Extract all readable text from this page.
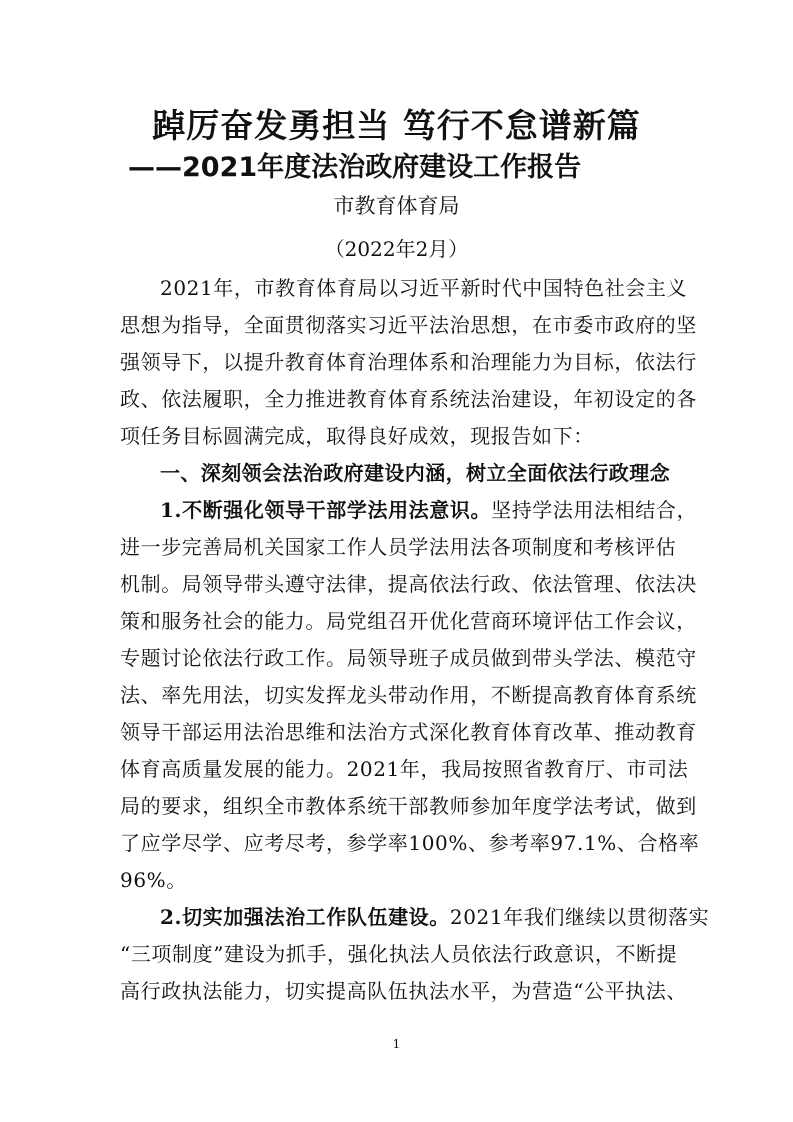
踔厉奋发勇担当 笃行不怠谱新篇
——2021年度法治政府建设工作报告
市教育体育局
（2022年2月）
2021年，市教育体育局以习近平新时代中国特色社会主义
思想为指导，全面贯彻落实习近平法治思想，在市委市政府的坚
强领导下，以提升教育体育治理体系和治理能力为目标，依法行
政、依法履职，全力推进教育体育系统法治建设，年初设定的各
项任务目标圆满完成，取得良好成效，现报告如下：
一、深刻领会法治政府建设内涵，树立全面依法行政理念
1.不断强化领导干部学法用法意识。坚持学法用法相结合，
进一步完善局机关国家工作人员学法用法各项制度和考核评估
机制。局领导带头遵守法律，提高依法行政、依法管理、依法决
策和服务社会的能力。局党组召开优化营商环境评估工作会议，
专题讨论依法行政工作。局领导班子成员做到带头学法、模范守
法、率先用法，切实发挥龙头带动作用，不断提高教育体育系统
领导干部运用法治思维和法治方式深化教育体育改革、推动教育
体育高质量发展的能力。2021年，我局按照省教育厅、市司法
局的要求，组织全市教体系统干部教师参加年度学法考试，做到
了应学尽学、应考尽考，参学率100%、参考率97.1%、合格率
96%。
2.切实加强法治工作队伍建设。2021年我们继续以贯彻落实
“三项制度”建设为抓手，强化执法人员依法行政意识，不断提
高行政执法能力，切实提高队伍执法水平，为营造“公平执法、
1
